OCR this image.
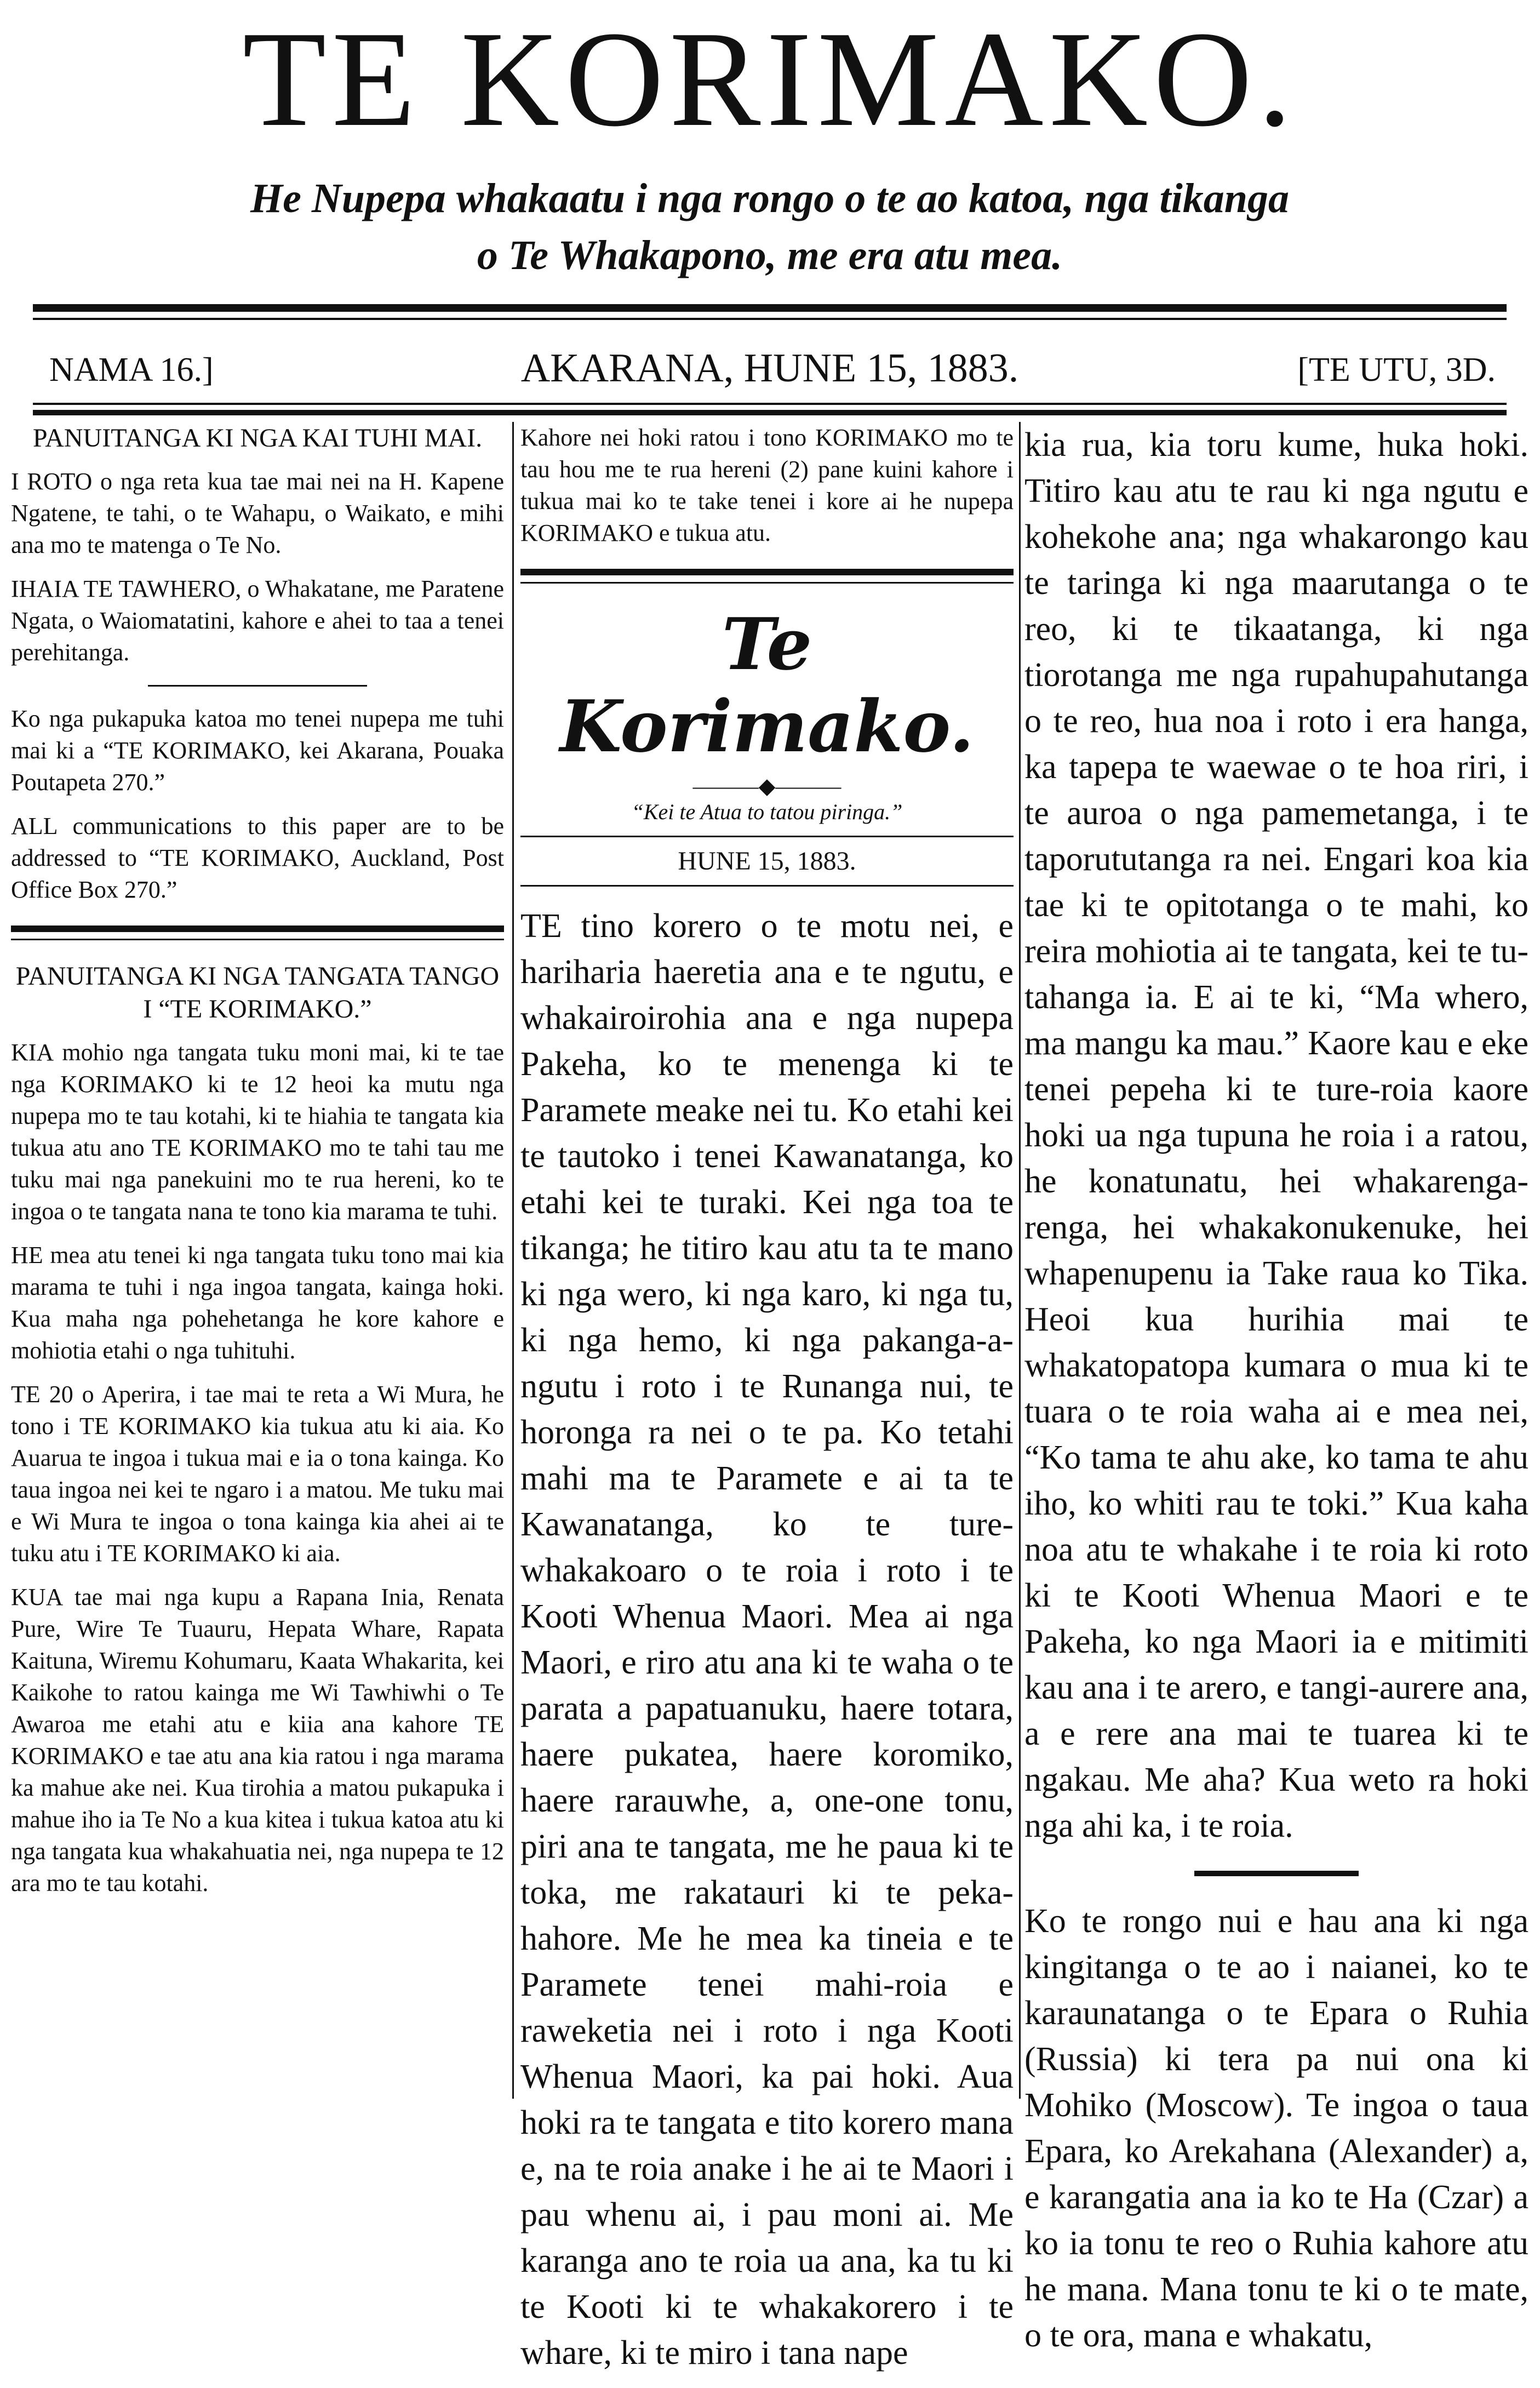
TE KORIMAKO.
He Nupepa whakaatu i nga rongo o te ao katoa, nga tikanga
o Te Whakapono, me era atu mea.
NAMA 16.]	AKARANA, HUNE 15, 1883.	[TE UTU, 3D.
PANUITANGA KI NGA KAI TUHI MAI.

I ROTO o nga reta kua tae mai nei na H. Kapene Ngatene, te tahi, o te Wahapu, o Waikato, e mihi ana mo te matenga o Te No.

IHAIA TE TAWHERO, o Whakatane, me Paratene Ngata, o Waiomatatini, kahore e ahei to taa a tenei perehitanga.

Ko nga pukapuka katoa mo tenei nupepa me tuhi mai ki a “TE KORIMAKO, kei Akarana, Pouaka Poutapeta 270.”

ALL communications to this paper are to be addressed to “TE KORIMAKO, Auckland, Post Office Box 270.”

PANUITANGA KI NGA TANGATA TANGO I “TE KORIMAKO.”

KIA mohio nga tangata tuku moni mai, ki te tae nga KORIMAKO ki te 12 heoi ka mutu nga nupepa mo te tau kotahi, ki te hiahia te tangata kia tukua atu ano TE KORIMAKO mo te tahi tau me tuku mai nga panekuini mo te rua hereni, ko te ingoa o te tangata nana te tono kia marama te tuhi.

HE mea atu tenei ki nga tangata tuku tono mai kia marama te tuhi i nga ingoa tangata, kainga hoki. Kua maha nga pohehetanga he kore kahore e mohiotia etahi o nga tuhituhi.

TE 20 o Aperira, i tae mai te reta a Wi Mura, he tono i TE KORIMAKO kia tukua atu ki aia. Ko Auarua te ingoa i tukua mai e ia o tona kainga. Ko taua ingoa nei kei te ngaro i a matou. Me tuku mai e Wi Mura te ingoa o tona kainga kia ahei ai te tuku atu i TE KORIMAKO ki aia.

KUA tae mai nga kupu a Rapana Inia, Renata Pure, Wire Te Tuauru, Hepata Whare, Rapata Kaituna, Wiremu Kohumaru, Kaata Whakarita, kei Kaikohe to ratou kainga me Wi Tawhiwhi o Te Awaroa me etahi atu e kiia ana kahore TE KORIMAKO e tae atu ana kia ratou i nga marama ka mahue ake nei. Kua tirohia a matou pukapuka i mahue iho ia Te No a kua kitea i tukua katoa atu ki nga tangata kua whakahuatia nei, nga nupepa te 12 ara mo te tau kotahi.

Kahore nei hoki ratou i tono KORIMAKO mo te tau hou me te rua hereni (2) pane kuini kahore i tukua mai ko te take tenei i kore ai he nupepa KORIMAKO e tukua atu.

Te Korimako.
———◆———
“Kei te Atua to tatou piringa.”
HUNE 15, 1883.

TE tino korero o te motu nei, e harihariа haeretia ana e te ngutu, e whakairoirohia ana e nga nupepa Pakeha, ko te menenga ki te Paramete meake nei tu. Ko etahi kei te tautoko i tenei Kawanatanga, ko etahi kei te turaki. Kei nga toa te tikanga; he titiro kau atu ta te mano ki nga wero, ki nga karo, ki nga tu, ki nga hemo, ki nga pakanga-a-ngutu i roto i te Runanga nui, te horonga ra nei o te pa. Ko tetahi mahi ma te Paramete e ai ta te Kawanatanga, ko te ture-whakakoaro o te roia i roto i te Kooti Whenua Maori. Mea ai nga Maori, e riro atu ana ki te waha o te parata a papatuanuku, haere totara, haere pukatea, haere koromiko, haere rarauwhe, a, one-one tonu, piri ana te tangata, me he paua ki te toka, me rakatauri ki te peka-hahore. Me he mea ka tineia e te Paramete tenei mahi-roia e raweketia nei i roto i nga Kooti Whenua Maori, ka pai hoki. Aua hoki ra te tangata e tito korero mana e, na te roia anake i he ai te Maori i pau whenu ai, i pau moni ai. Me karanga ano te roia ua ana, ka tu ki te Kooti ki te whakakorero i te whare, ki te miro i tana nape

kia rua, kia toru kume, huka hoki. Titiro kau atu te rau ki nga ngutu e kohekohe ana; nga whakarongo kau te taringa ki nga maarutanga o te reo, ki te tikaatanga, ki nga tiorotanga me nga rupahupahutanga o te reo, hua noa i roto i era hanga, ka tapepa te waewae o te hoa riri, i te auroa o nga pamemetanga, i te taporututanga ra nei. Engari koa kia tae ki te opitotanga o te mahi, ko reira mohiotia ai te tangata, kei te tu-tahanga ia. E ai te ki, “Ma whero, ma mangu ka mau.” Kaore kau e eke tenei pepeha ki te ture-roia kaore hoki ua nga tupuna he roia i a ratou, he konatunatu, hei whakarenga-renga, hei whakakonukenuke, hei whapenupenu ia Take raua ko Tika. Heoi kua hurihia mai te whakatopatopa kumara o mua ki te tuara o te roia waha ai e mea nei, “Ko tama te ahu ake, ko tama te ahu iho, ko whiti rau te toki.” Kua kaha noa atu te whakahe i te roia ki roto ki te Kooti Whenua Maori e te Pakeha, ko nga Maori ia e mitimiti kau ana i te arero, e tangi-aurere ana, a e rere ana mai te tuarea ki te ngakau. Me aha? Kua weto ra hoki nga ahi ka, i te roia.

Ko te rongo nui e hau ana ki nga kingitanga o te ao i naianei, ko te karaunatanga o te Epara o Ruhia (Russia) ki tera pa nui ona ki Mohiko (Moscow). Te ingoa o taua Epara, ko Arekahana (Alexander) a, e karangatia ana ia ko te Ha (Czar) a ko ia tonu te reo o Ruhia kahore atu he mana. Mana tonu te ki o te mate, o te ora, mana e whakatu,
